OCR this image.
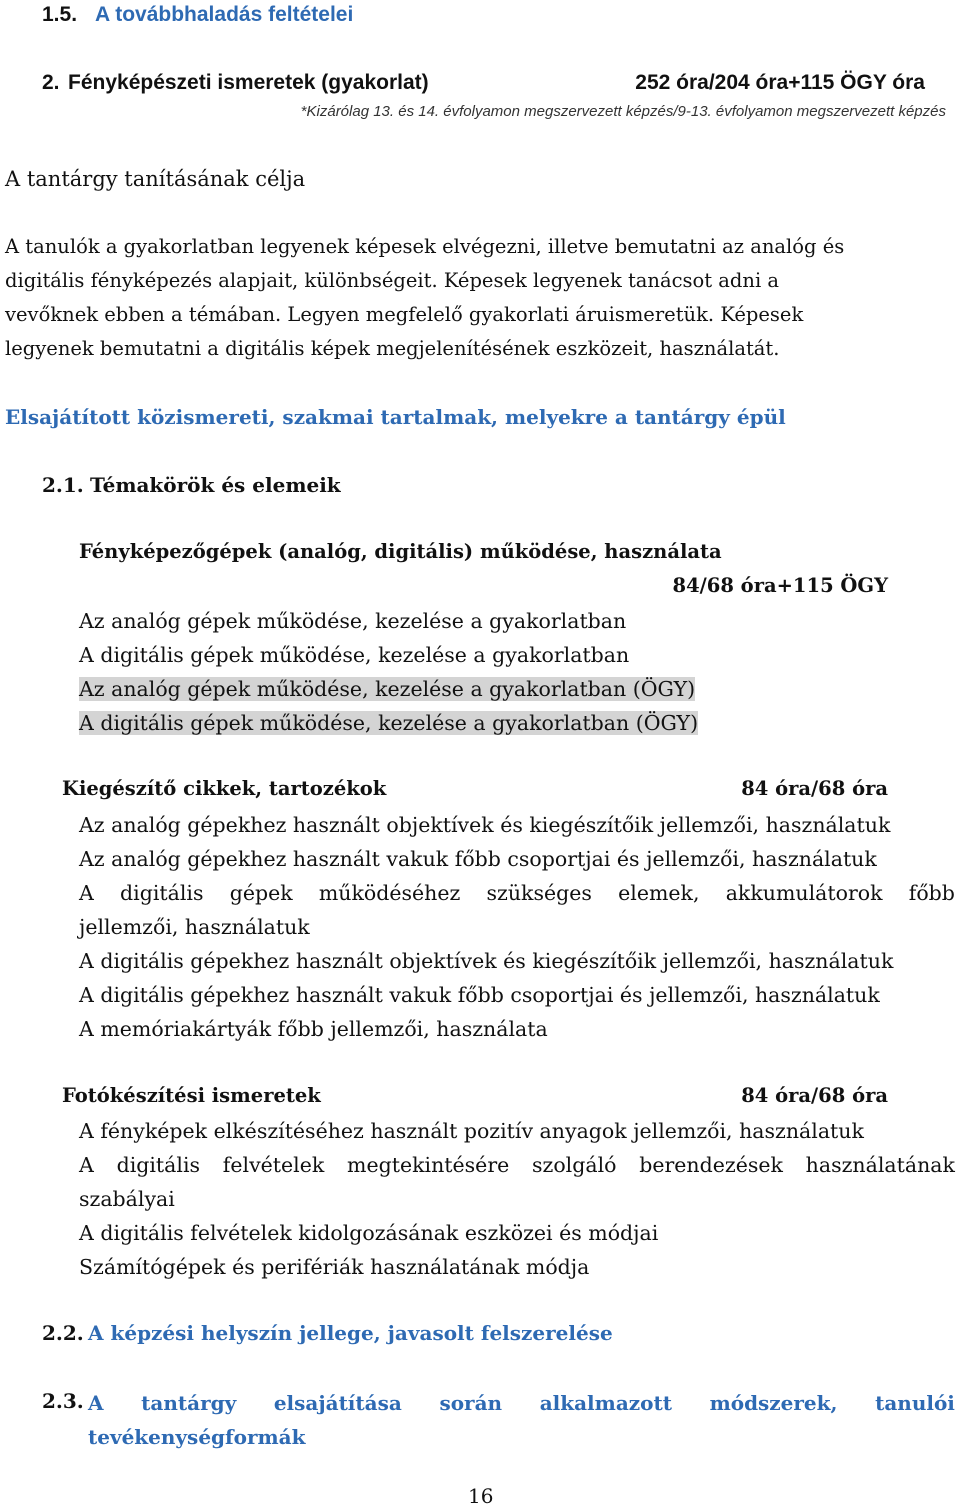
1.5. A továbbhaladás feltételei
2. Fényképészeti ismeretek (gyakorlat)	252 óra/204 óra+115 ÖGY óra
*Kizárólag 13. és 14. évfolyamon megszervezett képzés/9-13. évfolyamon megszervezett képzés
A tantárgy tanításának célja
A tanulók a gyakorlatban legyenek képesek elvégezni, illetve bemutatni az analóg és
digitális fényképezés alapjait, különbségeit. Képesek legyenek tanácsot adni a
vevőknek ebben a témában. Legyen megfelelő gyakorlati áruismeretük. Képesek
legyenek bemutatni a digitális képek megjelenítésének eszközeit, használatát.
Elsajátított közismereti, szakmai tartalmak, melyekre a tantárgy épül
2.1. Témakörök és elemeik
Fényképezőgépek (analóg, digitális) működése, használata
84/68 óra+115 ÖGY
Az analóg gépek működése, kezelése a gyakorlatban
A digitális gépek működése, kezelése a gyakorlatban
Az analóg gépek működése, kezelése a gyakorlatban (ÖGY)
A digitális gépek működése, kezelése a gyakorlatban (ÖGY)
Kiegészítő cikkek, tartozékok	84 óra/68 óra
Az analóg gépekhez használt objektívek és kiegészítőik jellemzői, használatuk
Az analóg gépekhez használt vakuk főbb csoportjai és jellemzői, használatuk
A digitális gépek működéséhez szükséges elemek, akkumulátorok főbb
jellemzői, használatuk
A digitális gépekhez használt objektívek és kiegészítőik jellemzői, használatuk
A digitális gépekhez használt vakuk főbb csoportjai és jellemzői, használatuk
A memóriakártyák főbb jellemzői, használata
Fotókészítési ismeretek	84 óra/68 óra
A fényképek elkészítéséhez használt pozitív anyagok jellemzői, használatuk
A digitális felvételek megtekintésére szolgáló berendezések használatának
szabályai
A digitális felvételek kidolgozásának eszközei és módjai
Számítógépek és perifériák használatának módja
2.2. A képzési helyszín jellege, javasolt felszerelése
2.3. A tantárgy elsajátítása során alkalmazott módszerek, tanulói
tevékenységformák
16
